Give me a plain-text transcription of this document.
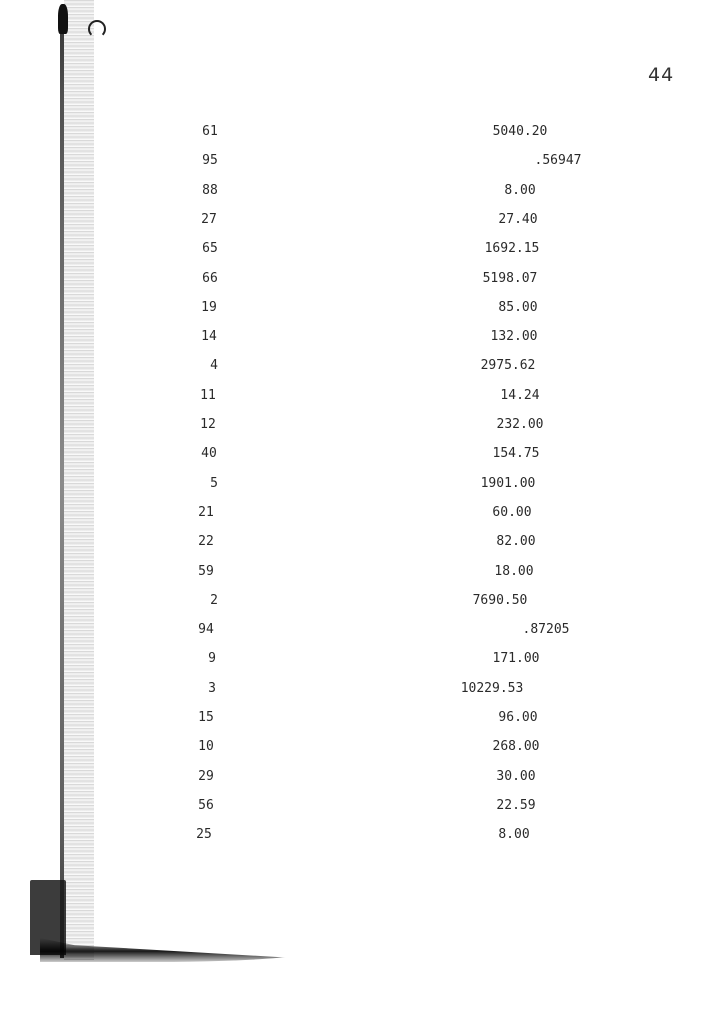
44
61	5040.20
95	.56947
88	8.00
27	27.40
65	1692.15
66	5198.07
19	85.00
14	132.00
4	2975.62
11	14.24
12	232.00
40	154.75
5	1901.00
21	60.00
22	82.00
59	18.00
2	7690.50
94	.87205
9	171.00
3	10229.53
15	96.00
10	268.00
29	30.00
56	22.59
25	8.00
